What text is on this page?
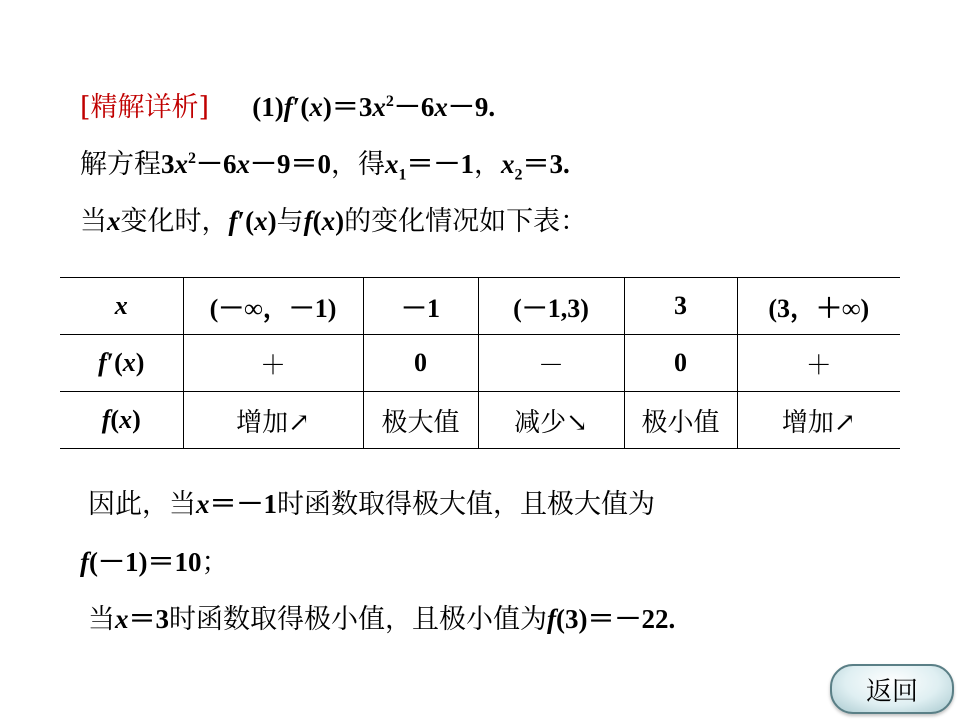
[精解详析] $(1)f'(x)=3x^2-6x-9$.
解方程$3x^2-6x-9=0$，得$x_1=-1$，$x_2=3$.
当x变化时，f′(x)与f(x)的变化情况如下表：
x	(－∞，－1)	－1	(－1,3)	3	(3，＋∞)
f′(x)	＋	0	－	0	＋
f(x)	增加↗	极大值	减少↘	极小值	增加↗
因此，当x＝－1时函数取得极大值，且极大值为
f(－1)＝10；
当x＝3时函数取得极小值，且极小值为f(3)＝－22.
返回
